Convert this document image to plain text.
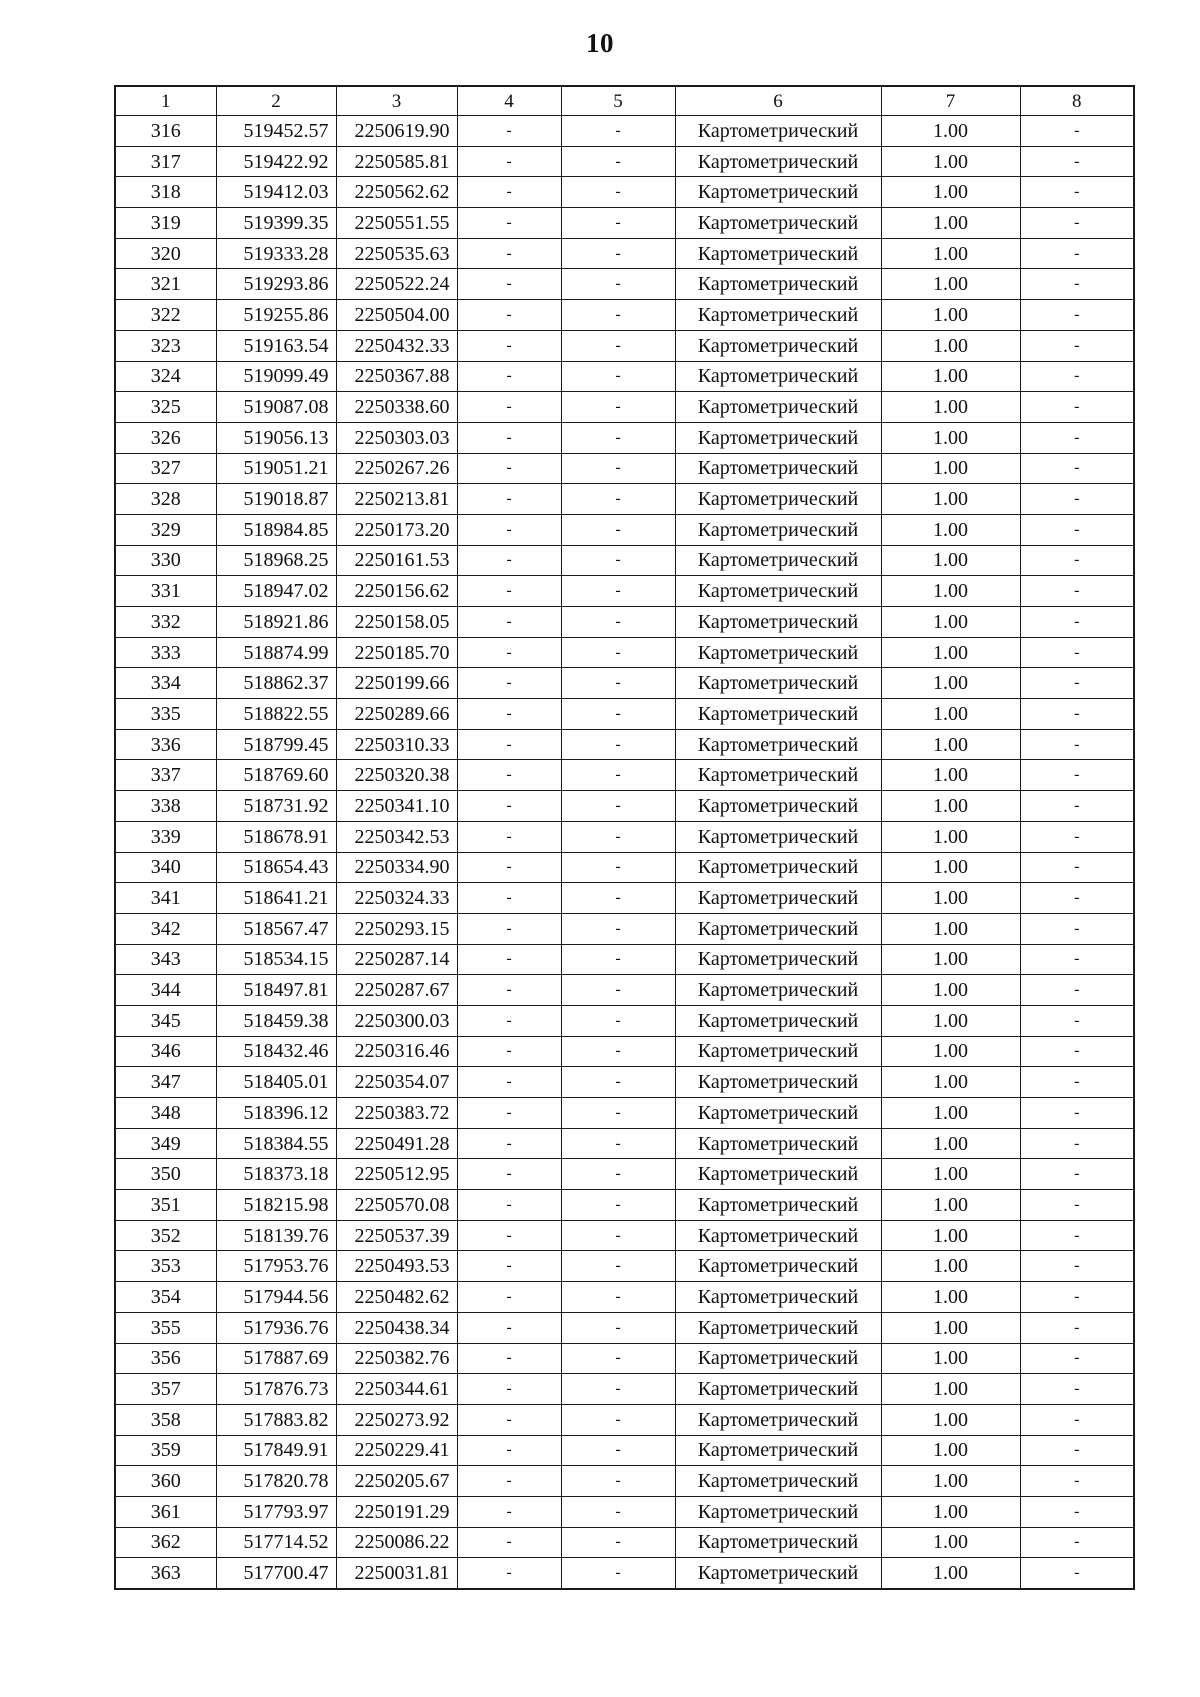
10
1	2	3	4	5	6	7	8
316	519452.57	2250619.90	-	-	Картометрический	1.00	-
317	519422.92	2250585.81	-	-	Картометрический	1.00	-
318	519412.03	2250562.62	-	-	Картометрический	1.00	-
319	519399.35	2250551.55	-	-	Картометрический	1.00	-
320	519333.28	2250535.63	-	-	Картометрический	1.00	-
321	519293.86	2250522.24	-	-	Картометрический	1.00	-
322	519255.86	2250504.00	-	-	Картометрический	1.00	-
323	519163.54	2250432.33	-	-	Картометрический	1.00	-
324	519099.49	2250367.88	-	-	Картометрический	1.00	-
325	519087.08	2250338.60	-	-	Картометрический	1.00	-
326	519056.13	2250303.03	-	-	Картометрический	1.00	-
327	519051.21	2250267.26	-	-	Картометрический	1.00	-
328	519018.87	2250213.81	-	-	Картометрический	1.00	-
329	518984.85	2250173.20	-	-	Картометрический	1.00	-
330	518968.25	2250161.53	-	-	Картометрический	1.00	-
331	518947.02	2250156.62	-	-	Картометрический	1.00	-
332	518921.86	2250158.05	-	-	Картометрический	1.00	-
333	518874.99	2250185.70	-	-	Картометрический	1.00	-
334	518862.37	2250199.66	-	-	Картометрический	1.00	-
335	518822.55	2250289.66	-	-	Картометрический	1.00	-
336	518799.45	2250310.33	-	-	Картометрический	1.00	-
337	518769.60	2250320.38	-	-	Картометрический	1.00	-
338	518731.92	2250341.10	-	-	Картометрический	1.00	-
339	518678.91	2250342.53	-	-	Картометрический	1.00	-
340	518654.43	2250334.90	-	-	Картометрический	1.00	-
341	518641.21	2250324.33	-	-	Картометрический	1.00	-
342	518567.47	2250293.15	-	-	Картометрический	1.00	-
343	518534.15	2250287.14	-	-	Картометрический	1.00	-
344	518497.81	2250287.67	-	-	Картометрический	1.00	-
345	518459.38	2250300.03	-	-	Картометрический	1.00	-
346	518432.46	2250316.46	-	-	Картометрический	1.00	-
347	518405.01	2250354.07	-	-	Картометрический	1.00	-
348	518396.12	2250383.72	-	-	Картометрический	1.00	-
349	518384.55	2250491.28	-	-	Картометрический	1.00	-
350	518373.18	2250512.95	-	-	Картометрический	1.00	-
351	518215.98	2250570.08	-	-	Картометрический	1.00	-
352	518139.76	2250537.39	-	-	Картометрический	1.00	-
353	517953.76	2250493.53	-	-	Картометрический	1.00	-
354	517944.56	2250482.62	-	-	Картометрический	1.00	-
355	517936.76	2250438.34	-	-	Картометрический	1.00	-
356	517887.69	2250382.76	-	-	Картометрический	1.00	-
357	517876.73	2250344.61	-	-	Картометрический	1.00	-
358	517883.82	2250273.92	-	-	Картометрический	1.00	-
359	517849.91	2250229.41	-	-	Картометрический	1.00	-
360	517820.78	2250205.67	-	-	Картометрический	1.00	-
361	517793.97	2250191.29	-	-	Картометрический	1.00	-
362	517714.52	2250086.22	-	-	Картометрический	1.00	-
363	517700.47	2250031.81	-	-	Картометрический	1.00	-
